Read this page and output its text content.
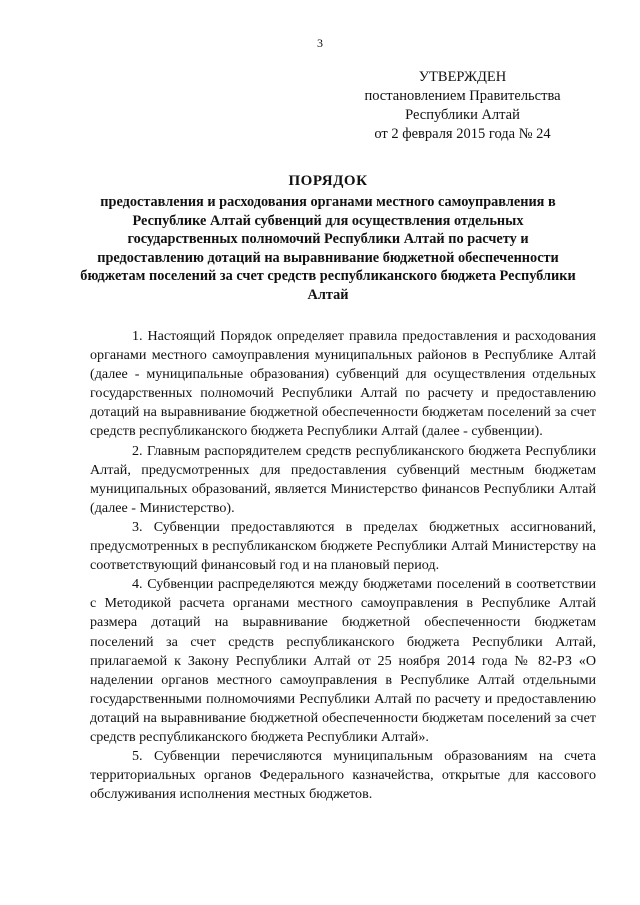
3
УТВЕРЖДЕН
постановлением Правительства
Республики Алтай
от 2 февраля 2015 года № 24
ПОРЯДОК
предоставления и расходования органами местного самоуправления в Республике Алтай субвенций для осуществления отдельных государственных полномочий Республики Алтай по расчету и предоставлению дотаций на выравнивание бюджетной обеспеченности бюджетам поселений за счет средств республиканского бюджета Республики Алтай

1. Настоящий Порядок определяет правила предоставления и расходования органами местного самоуправления муниципальных районов в Республике Алтай (далее - муниципальные образования) субвенций для осуществления отдельных государственных полномочий Республики Алтай по расчету и предоставлению дотаций на выравнивание бюджетной обеспеченности бюджетам поселений за счет средств республиканского бюджета Республики Алтай (далее - субвенции).

2. Главным распорядителем средств республиканского бюджета Республики Алтай, предусмотренных для предоставления субвенций местным бюджетам муниципальных образований, является Министерство финансов Республики Алтай (далее - Министерство).

3. Субвенции предоставляются в пределах бюджетных ассигнований, предусмотренных в республиканском бюджете Республики Алтай Министерству на соответствующий финансовый год и на плановый период.

4. Субвенции распределяются между бюджетами поселений в соответствии с Методикой расчета органами местного самоуправления в Республике Алтай размера дотаций на выравнивание бюджетной обеспеченности бюджетам поселений за счет средств республиканского бюджета Республики Алтай, прилагаемой к Закону Республики Алтай от 25 ноября 2014 года № 82-РЗ «О наделении органов местного самоуправления в Республике Алтай отдельными государственными полномочиями Республики Алтай по расчету и предоставлению дотаций на выравнивание бюджетной обеспеченности бюджетам поселений за счет средств республиканского бюджета Республики Алтай».

5. Субвенции перечисляются муниципальным образованиям на счета территориальных органов Федерального казначейства, открытые для кассового обслуживания исполнения местных бюджетов.
